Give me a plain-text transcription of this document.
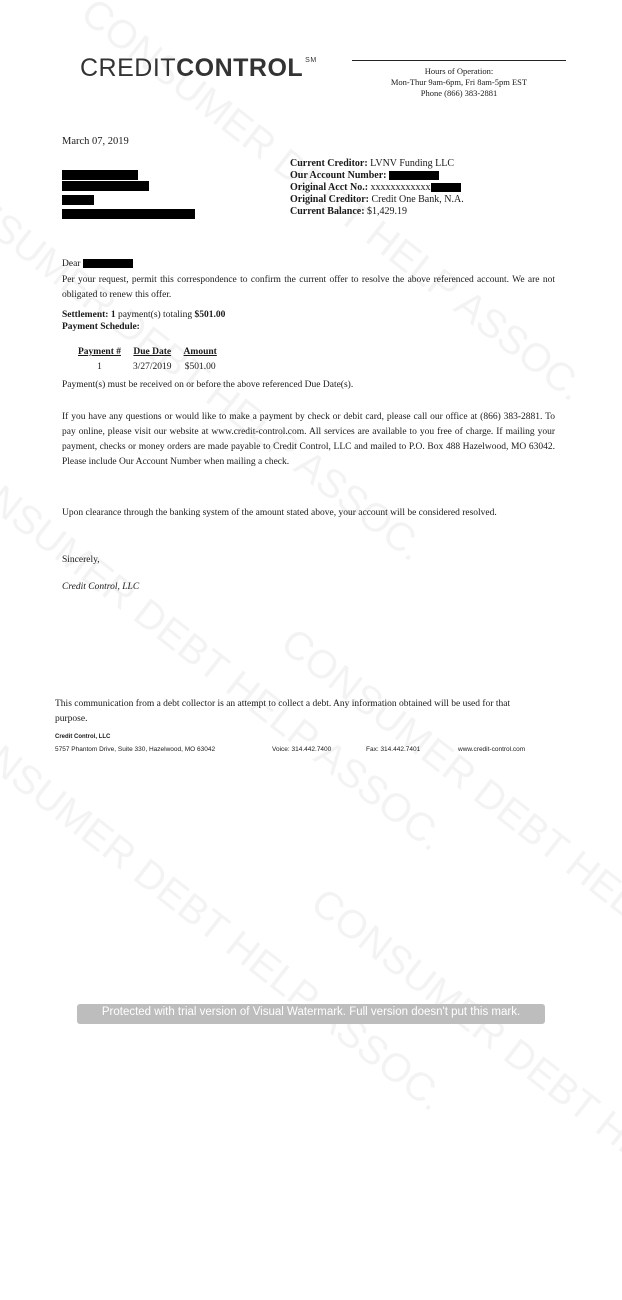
CREDITCONTROL ℠
Hours of Operation:
Mon-Thur 9am-6pm, Fri 8am-5pm EST
Phone (866) 383-2881
March 07, 2019
Current Creditor: LVNV Funding LLC
Our Account Number:
Original Acct No.: xxxxxxxxxxxx
Original Creditor: Credit One Bank, N.A.
Current Balance: $1,429.19
Dear

Per your request, permit this correspondence to confirm the current offer to resolve the above referenced account. We are not obligated to renew this offer.

Settlement: 1 payment(s) totaling $501.00
Payment Schedule:
Payment #	Due Date	Amount
1	3/27/2019	$501.00
Payment(s) must be received on or before the above referenced Due Date(s).

If you have any questions or would like to make a payment by check or debit card, please call our office at (866) 383-2881. To pay online, please visit our website at www.credit-control.com. All services are available to you free of charge. If mailing your payment, checks or money orders are made payable to Credit Control, LLC and mailed to P.O. Box 488 Hazelwood, MO 63042. Please include Our Account Number when mailing a check.

Upon clearance through the banking system of the amount stated above, your account will be considered resolved.

Sincerely,
Credit Control, LLC
This communication from a debt collector is an attempt to collect a debt. Any information obtained will be used for that purpose.
Credit Control, LLC
5757 Phantom Drive, Suite 330, Hazelwood, MO 63042	Voice: 314.442.7400	Fax: 314.442.7401	www.credit-control.com
Protected with trial version of Visual Watermark. Full version doesn't put this mark.
